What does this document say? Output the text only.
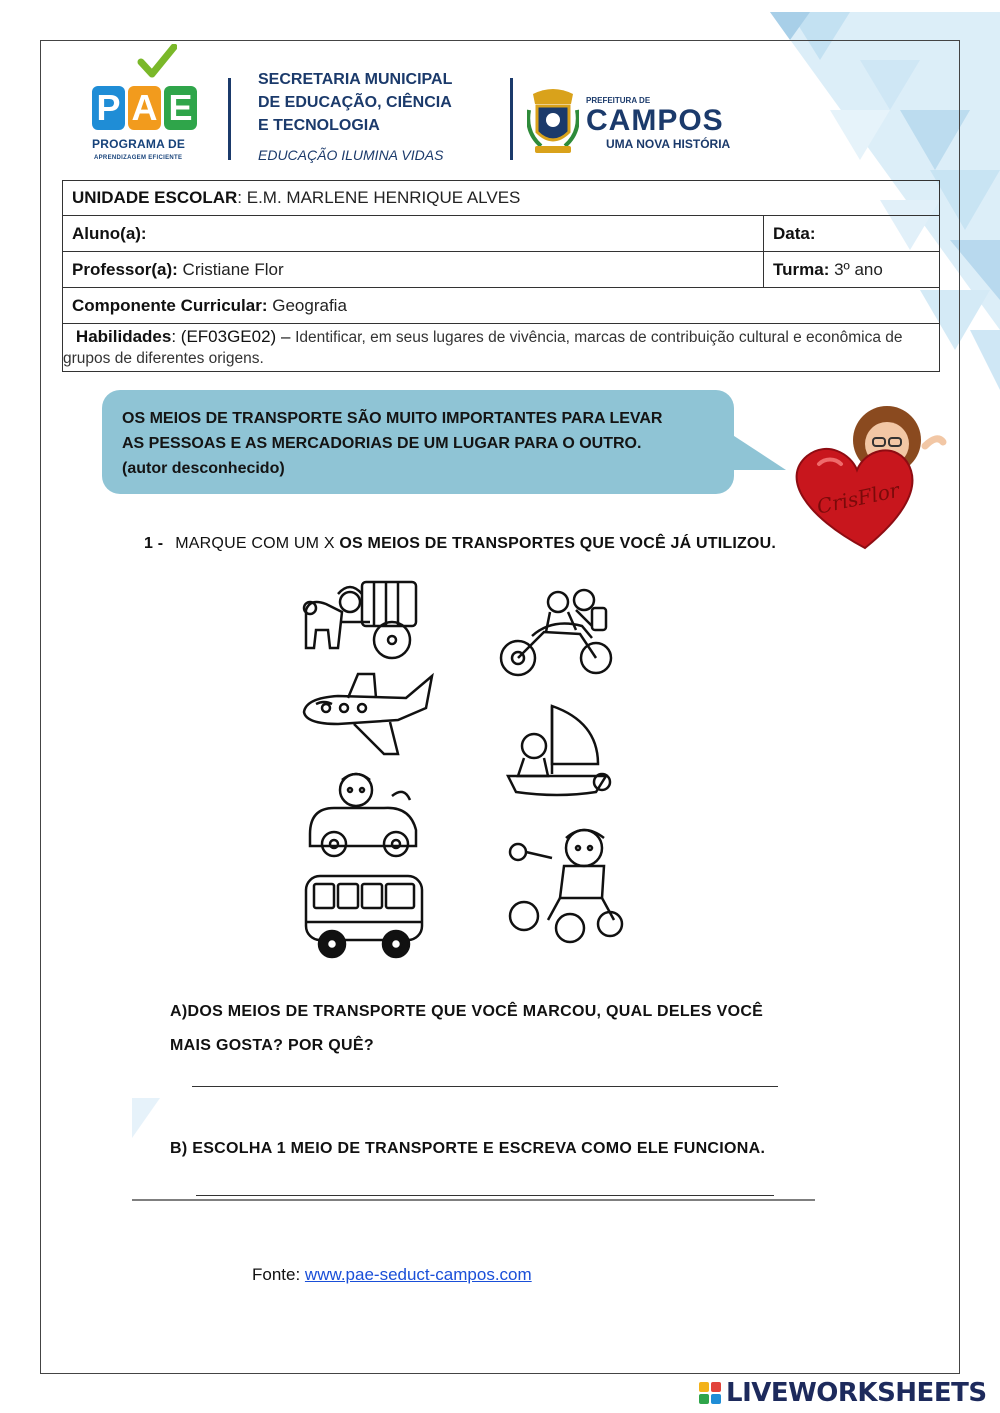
P A E
PROGRAMA DE
APRENDIZAGEM EFICIENTE
SECRETARIA MUNICIPAL
DE EDUCAÇÃO, CIÊNCIA
E TECNOLOGIA
EDUCAÇÃO ILUMINA VIDAS
PREFEITURA DE
CAMPOS
UMA NOVA HISTÓRIA
UNIDADE ESCOLAR: E.M. MARLENE HENRIQUE ALVES	
Aluno(a):	Data:
Professor(a): Cristiane Flor	Turma: 3º ano
Componente Curricular: Geografia	
Habilidades: (EF03GE02) – Identificar, em seus lugares de vivência, marcas de contribuição cultural e econômica de grupos de diferentes origens.	
OS MEIOS DE TRANSPORTE SÃO MUITO IMPORTANTES PARA LEVAR
AS PESSOAS E AS MERCADORIAS DE UM LUGAR PARA O OUTRO.
(autor desconhecido)
CrisFlor
1 - MARQUE COM UM X OS MEIOS DE TRANSPORTES QUE VOCÊ JÁ UTILIZOU.
A)DOS MEIOS DE TRANSPORTE QUE VOCÊ MARCOU, QUAL DELES VOCÊ
MAIS GOSTA? POR QUÊ?
B) ESCOLHA 1 MEIO DE TRANSPORTE E ESCREVA COMO ELE FUNCIONA.
Fonte: www.pae-seduct-campos.com
LIVEWORKSHEETS
